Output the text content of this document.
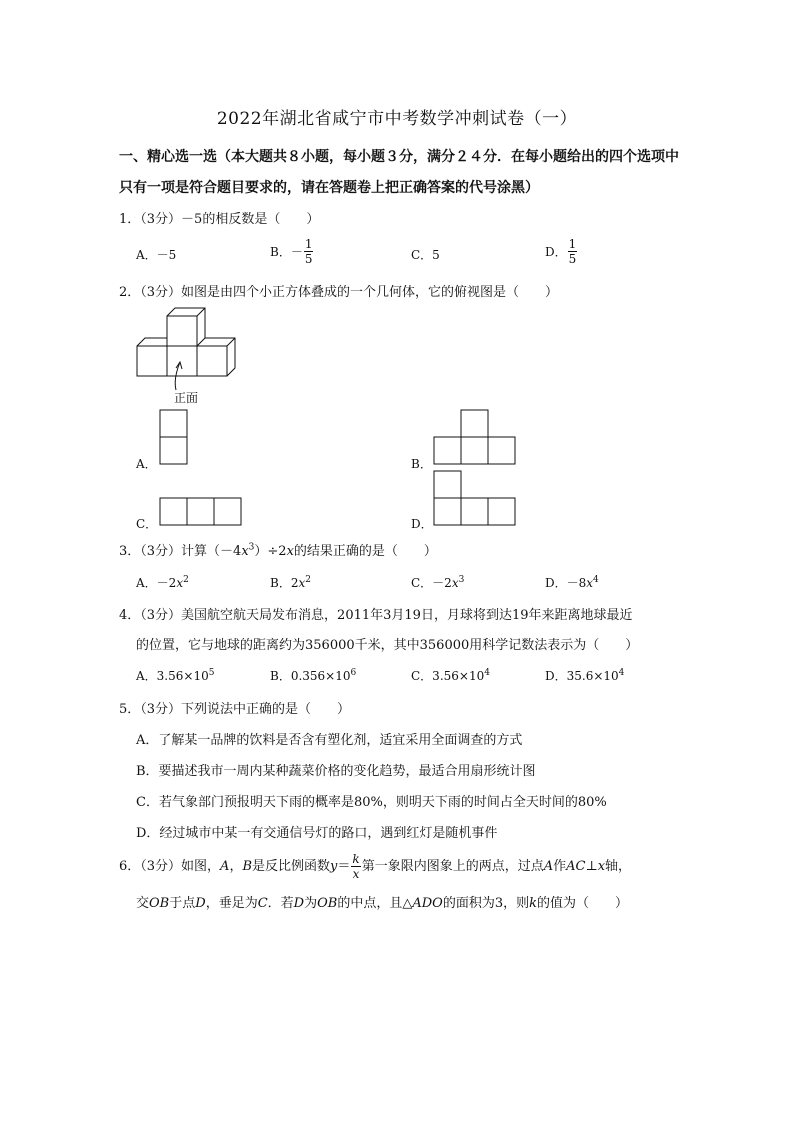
2022年湖北省咸宁市中考数学冲刺试卷（一）
一、精心选一选（本大题共８小题，每小题３分，满分２４分．在每小题给出的四个选项中
只有一项是符合题目要求的，请在答题卷上把正确答案的代号涂黑）
1．（3分）－5的相反数是（　　）
A．－5	B．－ $\frac{1}{5}$	C．5	D． $\frac{1}{5}$
2．（3分）如图是由四个小正方体叠成的一个几何体，它的俯视图是（　　）
正面
A．	B．
C．	D．
3．（3分）计算$(-4x^3)\div 2x$的结果正确的是（　　）
A．$-2x^2$	B．$2x^2$	C．$-2x^3$	D．$-8x^4$
4．（3分）美国航空航天局发布消息，2011年3月19日，月球将到达19年来距离地球最近
的位置，它与地球的距离约为356000千米，其中356000用科学记数法表示为（　　）
A．$3.56\times 10^5$	B．$0.356\times 10^6$	C．$3.56\times 10^4$	D．$35.6\times 10^4$
5．（3分）下列说法中正确的是（　　）
A．了解某一品牌的饮料是否含有塑化剂，适宜采用全面调查的方式
B．要描述我市一周内某种蔬菜价格的变化趋势，最适合用扇形统计图
C．若气象部门预报明天下雨的概率是80%，则明天下雨的时间占全天时间的80%
D．经过城市中某一有交通信号灯的路口，遇到红灯是随机事件
6．（3分）如图，A，B是反比例函数$y= \frac{k}{x}$ 第一象限内图象上的两点，过点A作AC⊥x轴，
交OB于点D，垂足为C．若D为OB的中点，且△ADO的面积为3，则k的值为（　　）
